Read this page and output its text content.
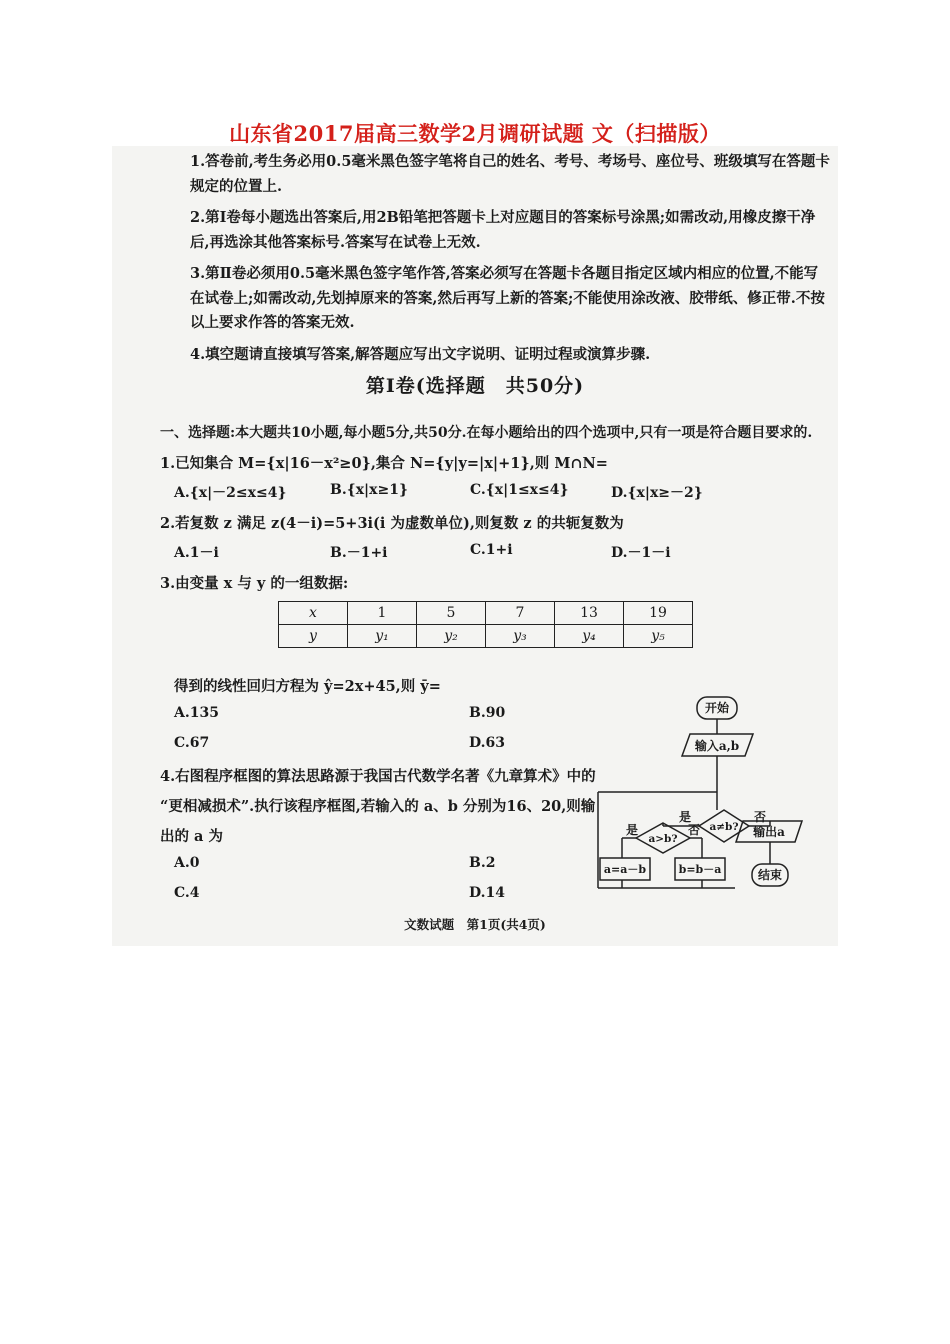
山东省2017届高三数学2月调研试题 文（扫描版）
1.答卷前,考生务必用0.5毫米黑色签字笔将自己的姓名、考号、考场号、座位号、班级填写在答题卡规定的位置上.
2.第Ⅰ卷每小题选出答案后,用2B铅笔把答题卡上对应题目的答案标号涂黑;如需改动,用橡皮擦干净后,再选涂其他答案标号.答案写在试卷上无效.
3.第Ⅱ卷必须用0.5毫米黑色签字笔作答,答案必须写在答题卡各题目指定区域内相应的位置,不能写在试卷上;如需改动,先划掉原来的答案,然后再写上新的答案;不能使用涂改液、胶带纸、修正带.不按以上要求作答的答案无效.
4.填空题请直接填写答案,解答题应写出文字说明、证明过程或演算步骤.
第Ⅰ卷(选择题　共50分)
一、选择题:本大题共10小题,每小题5分,共50分.在每小题给出的四个选项中,只有一项是符合题目要求的.
1.已知集合 M={x|16－x²≥0},集合 N={y|y=|x|+1},则 M∩N=
A.{x|－2≤x≤4}	B.{x|x≥1}	C.{x|1≤x≤4}	D.{x|x≥－2}
2.若复数 z 满足 z(4－i)=5+3i(i 为虚数单位),则复数 z 的共轭复数为
A.1－i	B.－1+i	C.1+i	D.－1－i
3.由变量 x 与 y 的一组数据:
x	1	5	7	13	19
y	y₁	y₂	y₃	y₄	y₅
得到的线性回归方程为 ŷ=2x+45,则 ȳ=
A.135	B.90
C.67	D.63
4.右图程序框图的算法思路源于我国古代数学名著《九章算术》中的
“更相减损术”.执行该程序框图,若输入的 a、b 分别为16、20,则输
出的 a 为
A.0	B.2
C.4	D.14
开始
输入a,b
a≠b?
是	否
a>b?
是	否
a=a－b	b=b－a
输出a
结束
文数试题　第1页(共4页)
